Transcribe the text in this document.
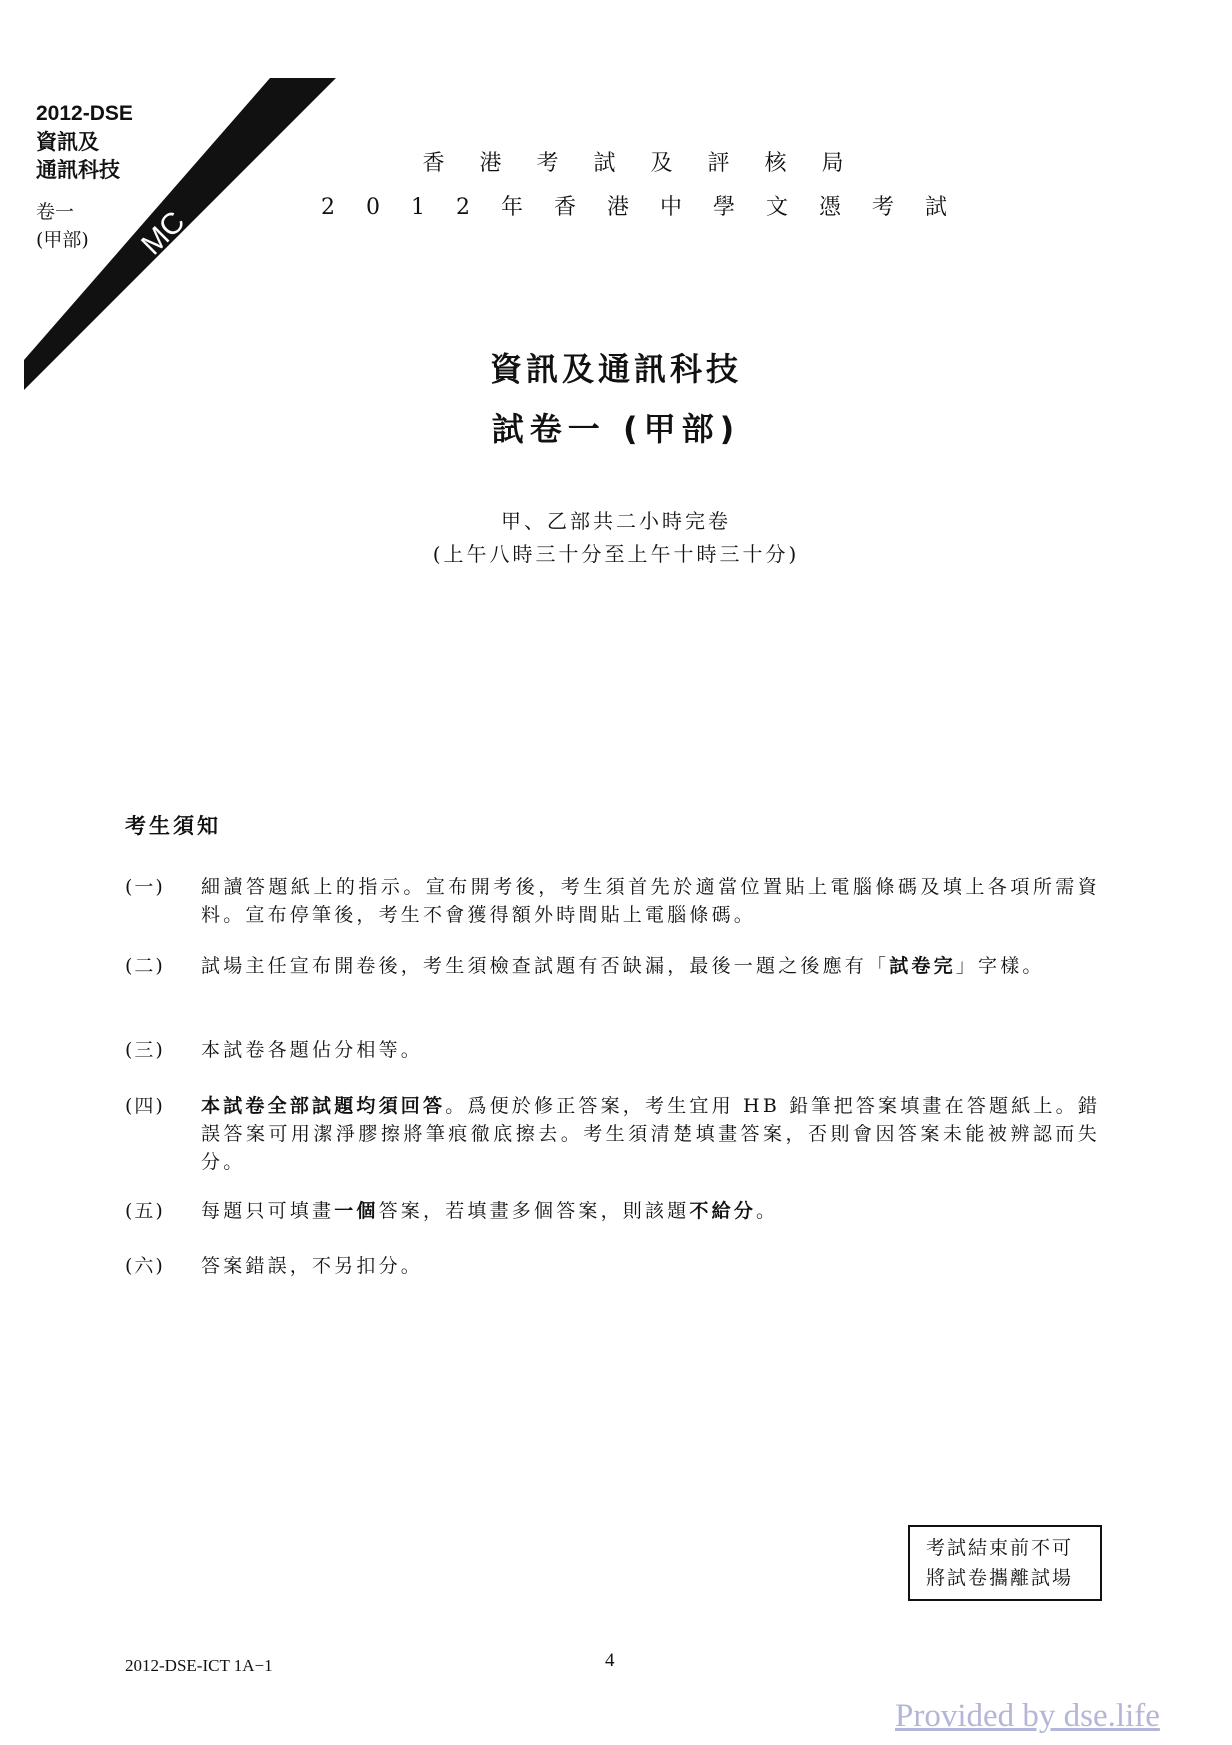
2012-DSE
資訊及
通訊科技
卷一
(甲部) MC
香 港 考 試 及 評 核 局
2 0 1 2 年 香 港 中 學 文 憑 考 試
資訊及通訊科技
試卷一 (甲部)
甲、乙部共二小時完卷
(上午八時三十分至上午十時三十分)
考生須知
(一)	細讀答題紙上的指示。宣布開考後，考生須首先於適當位置貼上電腦條碼及填上各項所需資料。宣布停筆後，考生不會獲得額外時間貼上電腦條碼。
(二)	試場主任宣布開卷後，考生須檢查試題有否缺漏，最後一題之後應有「試卷完」字樣。
(三)	本試卷各題佔分相等。
(四)	本試卷全部試題均須回答。爲便於修正答案，考生宜用 HB 鉛筆把答案填畫在答題紙上。錯誤答案可用潔淨膠擦將筆痕徹底擦去。考生須清楚填畫答案，否則會因答案未能被辨認而失分。
(五)	每題只可填畫一個答案，若填畫多個答案，則該題不給分。
(六)	答案錯誤，不另扣分。
考試結束前不可
將試卷攜離試場
2012-DSE-ICT 1A−1	4
Provided by dse.life
